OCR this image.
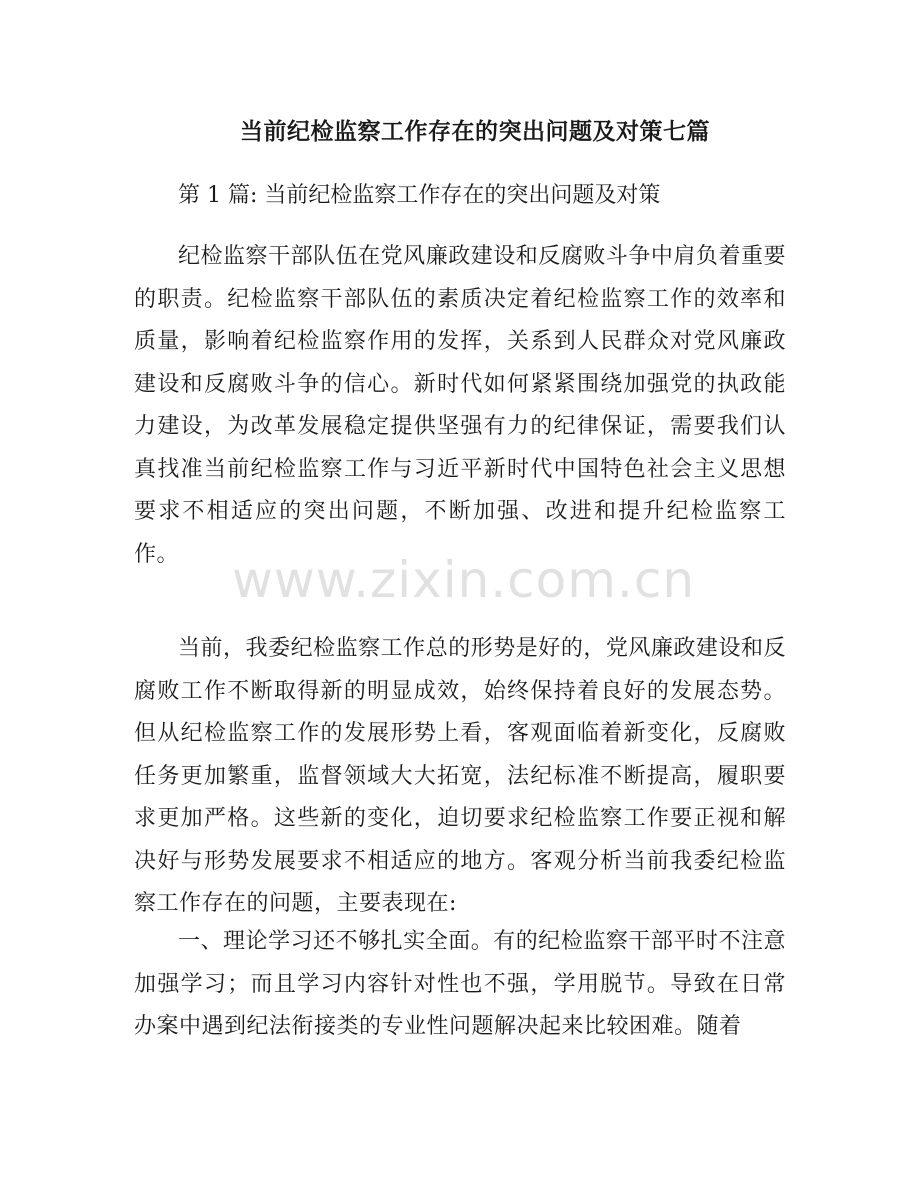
当前纪检监察工作存在的突出问题及对策七篇

第 1 篇: 当前纪检监察工作存在的突出问题及对策

纪检监察干部队伍在党风廉政建设和反腐败斗争中肩负着重要的职责。纪检监察干部队伍的素质决定着纪检监察工作的效率和质量，影响着纪检监察作用的发挥，关系到人民群众对党风廉政建设和反腐败斗争的信心。新时代如何紧紧围绕加强党的执政能力建设，为改革发展稳定提供坚强有力的纪律保证，需要我们认真找准当前纪检监察工作与习近平新时代中国特色社会主义思想要求不相适应的突出问题，不断加强、改进和提升纪检监察工作。

当前，我委纪检监察工作总的形势是好的，党风廉政建设和反腐败工作不断取得新的明显成效，始终保持着良好的发展态势。但从纪检监察工作的发展形势上看，客观面临着新变化，反腐败任务更加繁重，监督领域大大拓宽，法纪标准不断提高，履职要求更加严格。这些新的变化，迫切要求纪检监察工作要正视和解决好与形势发展要求不相适应的地方。客观分析当前我委纪检监察工作存在的问题，主要表现在:

一、理论学习还不够扎实全面。有的纪检监察干部平时不注意加强学习；而且学习内容针对性也不强，学用脱节。导致在日常办案中遇到纪法衔接类的专业性问题解决起来比较困难。随着

www.zixin.com.cn
